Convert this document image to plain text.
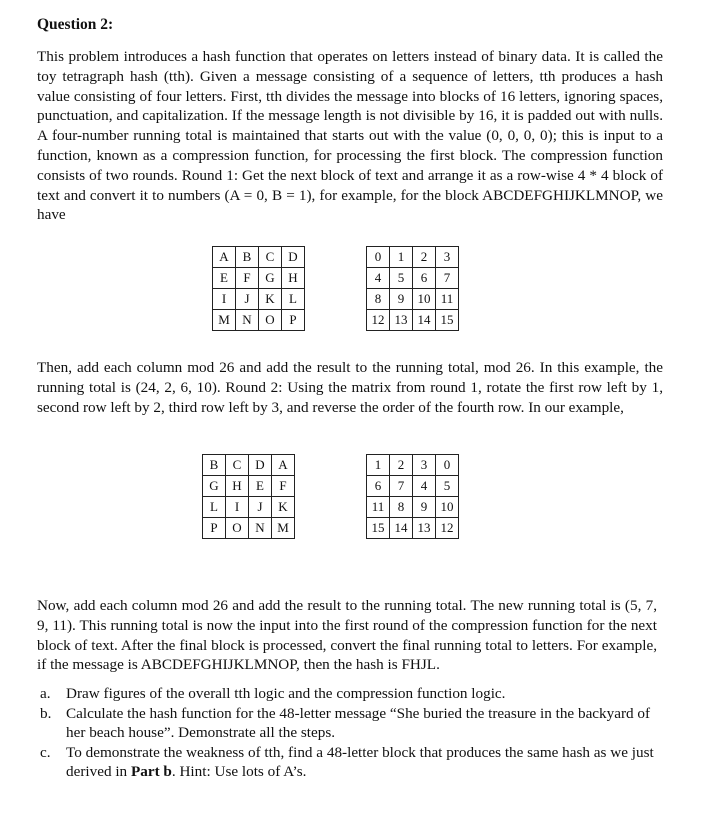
Question 2:
This problem introduces a hash function that operates on letters instead of binary data. It is called the toy tetragraph hash (tth). Given a message consisting of a sequence of letters, tth produces a hash value consisting of four letters. First, tth divides the message into blocks of 16 letters, ignoring spaces, punctuation, and capitalization. If the message length is not divisible by 16, it is padded out with nulls. A four-number running total is maintained that starts out with the value (0, 0, 0, 0); this is input to a function, known as a compression function, for processing the first block. The compression function consists of two rounds. Round 1: Get the next block of text and arrange it as a row-wise 4 * 4 block of text and convert it to numbers (A = 0, B = 1), for example, for the block ABCDEFGHIJKLMNOP, we have
A	B	C	D
E	F	G	H
I	J	K	L
M	N	O	P
0	1	2	3
4	5	6	7
8	9	10	11
12	13	14	15
Then, add each column mod 26 and add the result to the running total, mod 26. In this example, the running total is (24, 2, 6, 10). Round 2: Using the matrix from round 1, rotate the first row left by 1, second row left by 2, third row left by 3, and reverse the order of the fourth row. In our example,
B	C	D	A
G	H	E	F
L	I	J	K
P	O	N	M
1	2	3	0
6	7	4	5
11	8	9	10
15	14	13	12
Now, add each column mod 26 and add the result to the running total. The new running total is (5, 7, 9, 11). This running total is now the input into the first round of the compression function for the next block of text. After the final block is processed, convert the final running total to letters. For example, if the message is ABCDEFGHIJKLMNOP, then the hash is FHJL.
a. Draw figures of the overall tth logic and the compression function logic.
b. Calculate the hash function for the 48-letter message “She buried the treasure in the backyard of her beach house”. Demonstrate all the steps.
c. To demonstrate the weakness of tth, find a 48-letter block that produces the same hash as we just derived in Part b. Hint: Use lots of A’s.
